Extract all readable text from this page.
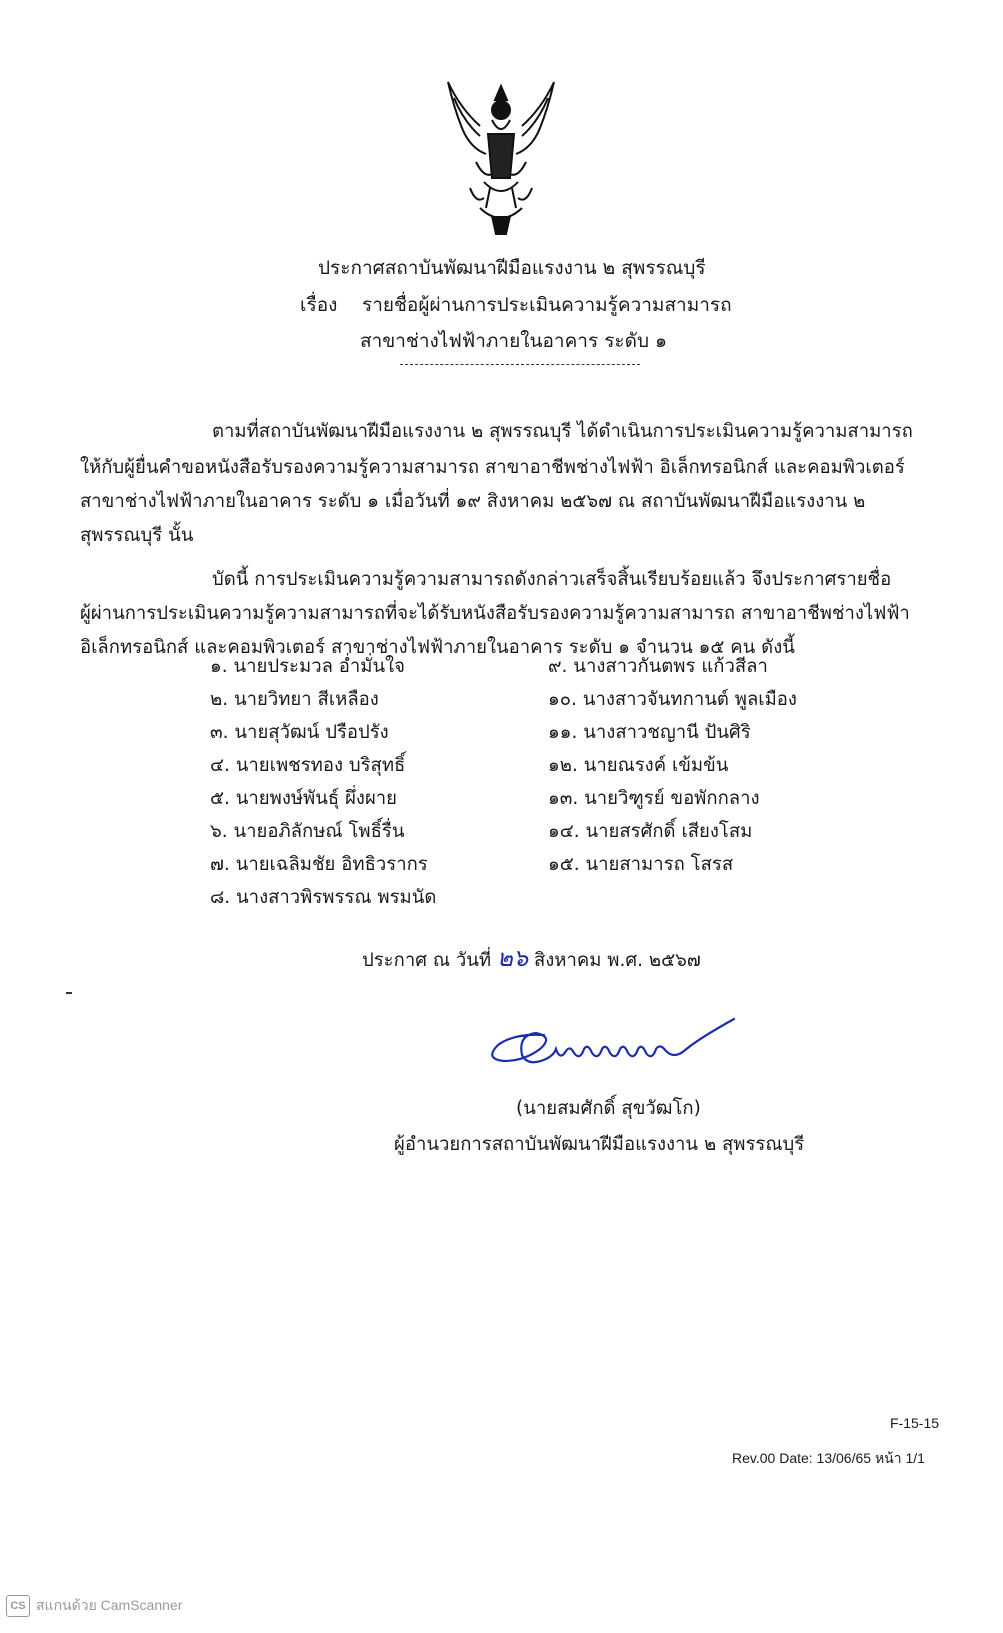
ประกาศสถาบันพัฒนาฝีมือแรงงาน ๒ สุพรรณบุรี
เรื่อง รายชื่อผู้ผ่านการประเมินความรู้ความสามารถ
สาขาช่างไฟฟ้าภายในอาคาร ระดับ ๑
ตามที่สถาบันพัฒนาฝีมือแรงงาน ๒ สุพรรณบุรี ได้ดำเนินการประเมินความรู้ความสามารถ
ให้กับผู้ยื่นคำขอหนังสือรับรองความรู้ความสามารถ สาขาอาชีพช่างไฟฟ้า อิเล็กทรอนิกส์ และคอมพิวเตอร์
สาขาช่างไฟฟ้าภายในอาคาร ระดับ ๑ เมื่อวันที่ ๑๙ สิงหาคม ๒๕๖๗ ณ สถาบันพัฒนาฝีมือแรงงาน ๒
สุพรรณบุรี นั้น
บัดนี้ การประเมินความรู้ความสามารถดังกล่าวเสร็จสิ้นเรียบร้อยแล้ว จึงประกาศรายชื่อ
ผู้ผ่านการประเมินความรู้ความสามารถที่จะได้รับหนังสือรับรองความรู้ความสามารถ สาขาอาชีพช่างไฟฟ้า
อิเล็กทรอนิกส์ และคอมพิวเตอร์ สาขาช่างไฟฟ้าภายในอาคาร ระดับ ๑ จำนวน ๑๕ คน ดังนี้
๑. นายประมวล อ่ำมั่นใจ
๒. นายวิทยา สีเหลือง
๓. นายสุวัฒน์ ปรือปรัง
๔. นายเพชรทอง บริสุทธิ์
๕. นายพงษ์พันธุ์ ผึ่งผาย
๖. นายอภิลักษณ์ โพธิ์รื่น
๗. นายเฉลิมชัย อิทธิวรากร
๘. นางสาวพิรพรรณ พรมนัด
๙. นางสาวกันตพร แก้วสีลา
๑๐. นางสาวจันทกานต์ พูลเมือง
๑๑. นางสาวชญานี ปันศิริ
๑๒. นายณรงค์ เข้มข้น
๑๓. นายวิฑูรย์ ขอพักกลาง
๑๔. นายสรศักดิ์ เสียงโสม
๑๕. นายสามารถ โสรส
ประกาศ ณ วันที่ ๒๖ สิงหาคม พ.ศ. ๒๕๖๗
(นายสมศักดิ์ สุขวัฒโก)
ผู้อำนวยการสถาบันพัฒนาฝีมือแรงงาน ๒ สุพรรณบุรี
F-15-15
Rev.00 Date: 13/06/65 หน้า 1/1
CS สแกนด้วย CamScanner
